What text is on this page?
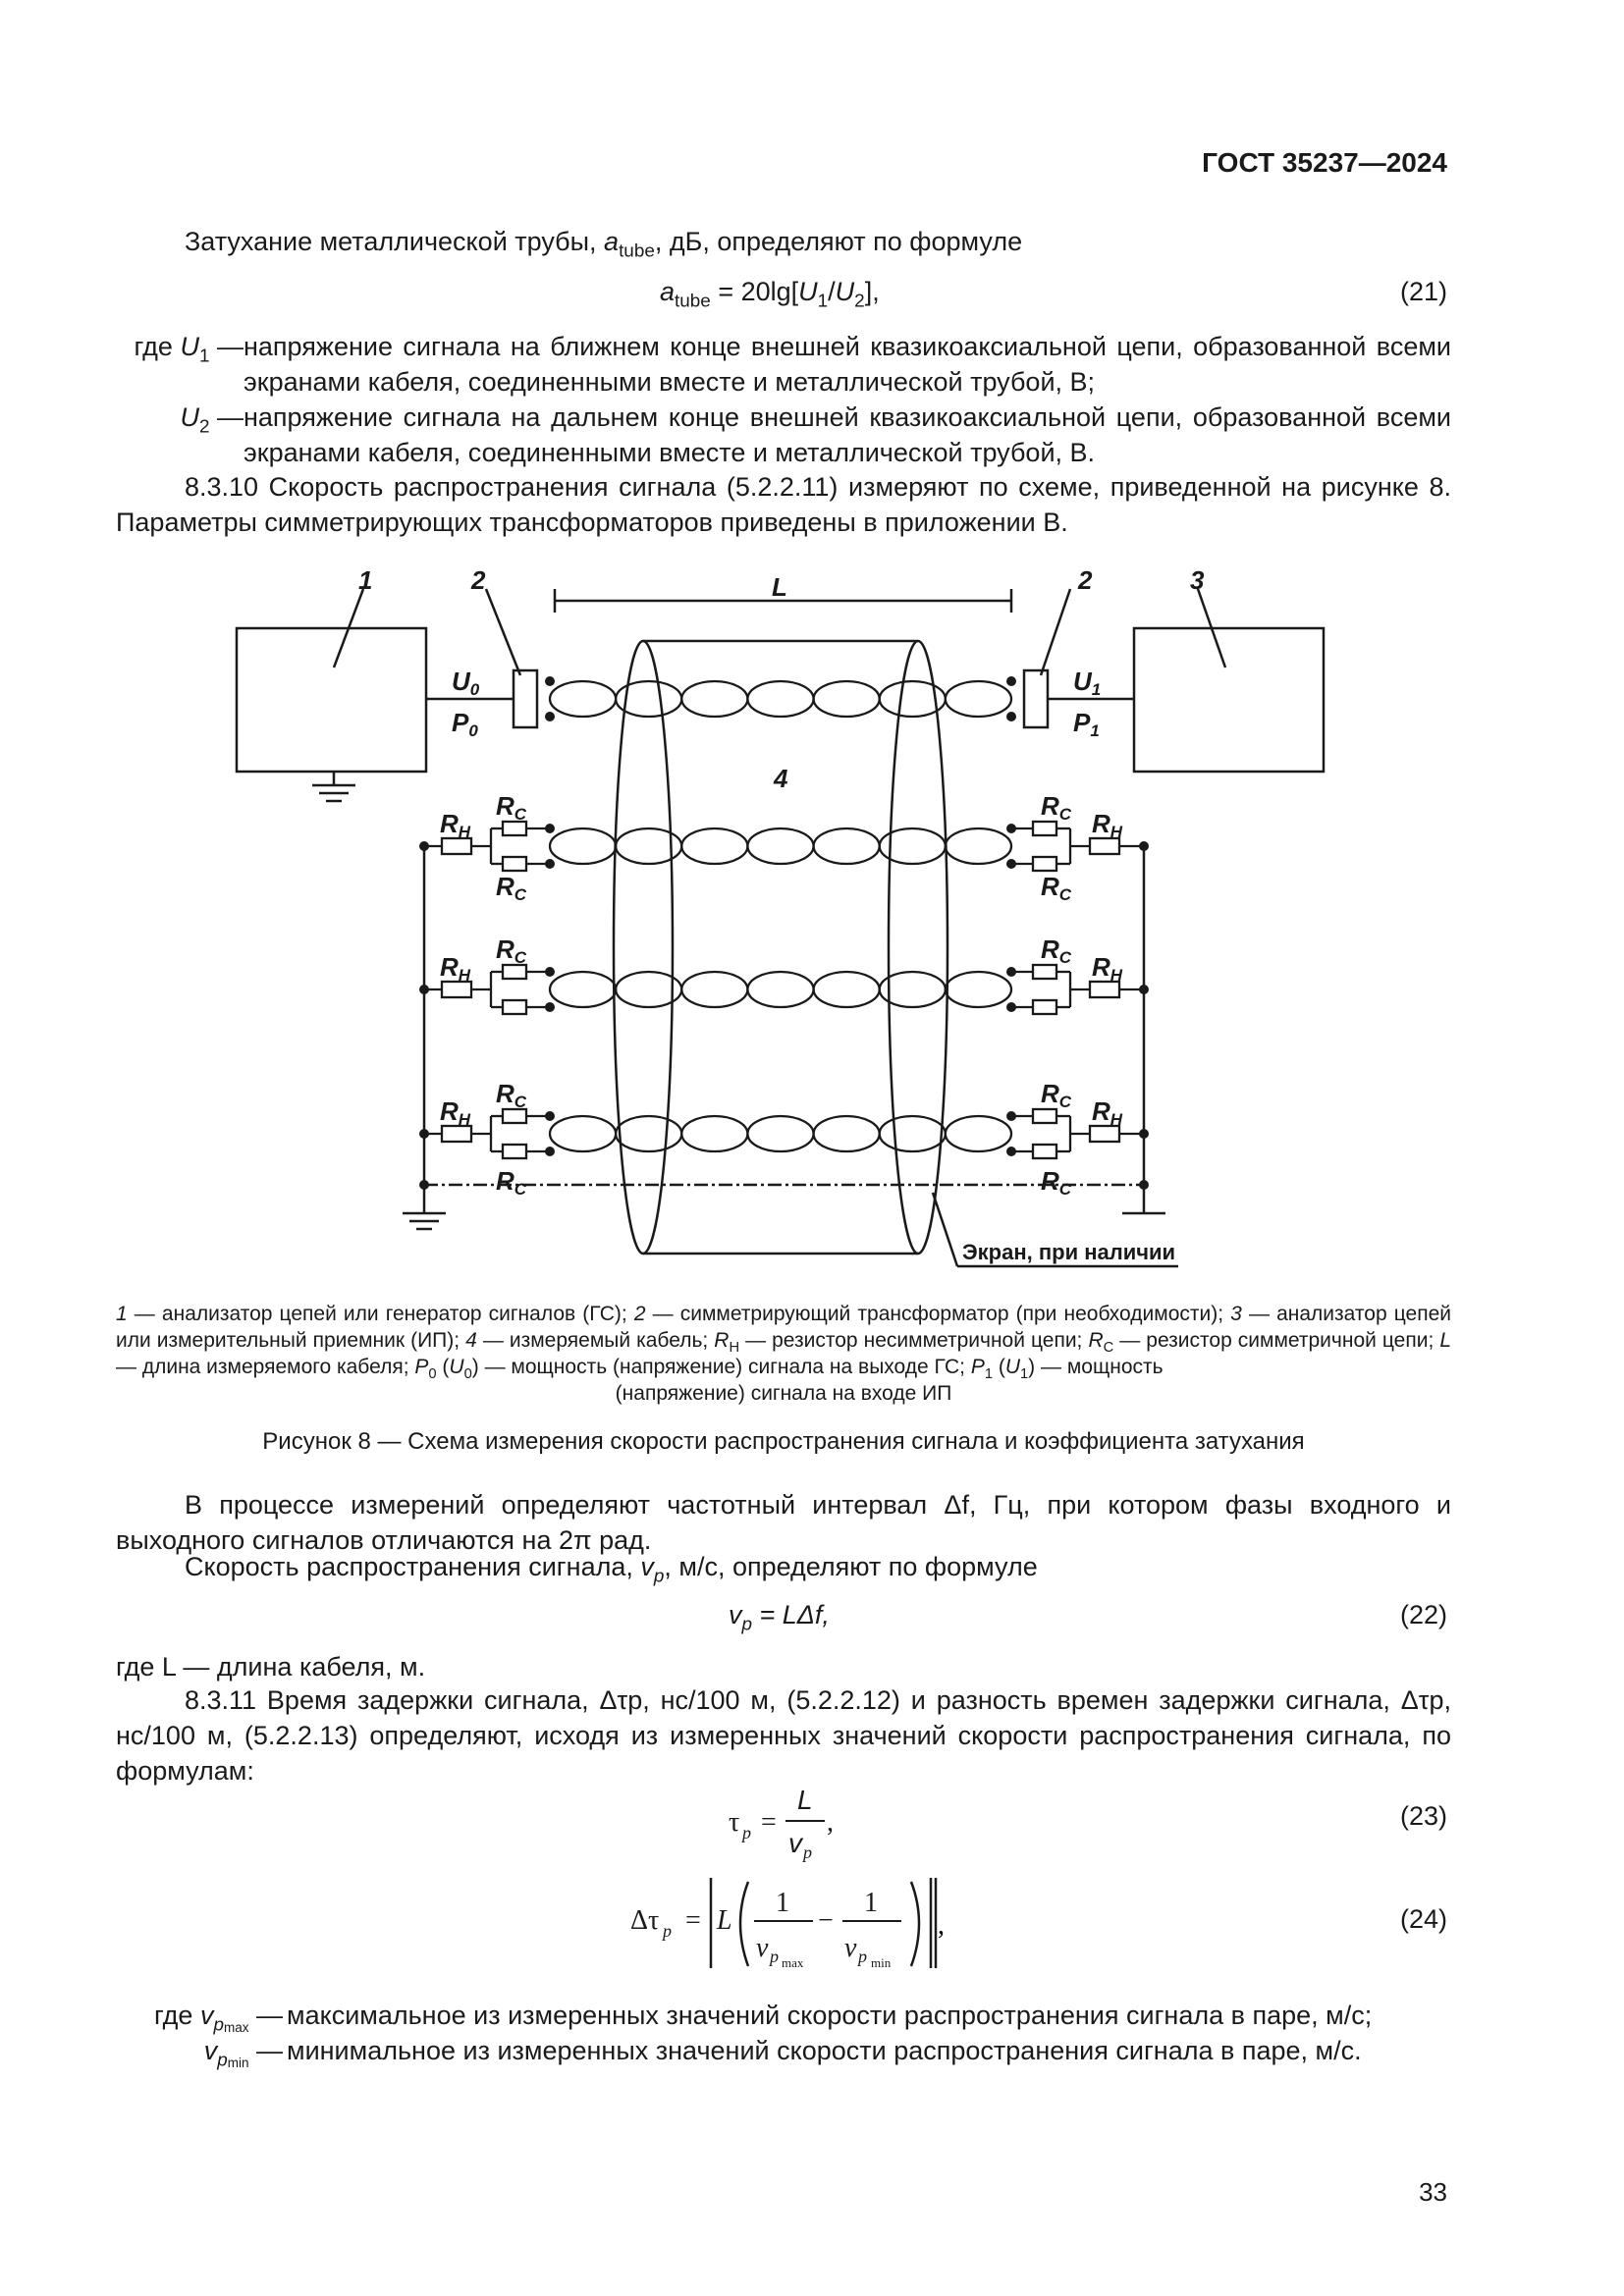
ГОСТ 35237—2024
Затухание металлической трубы, $a_{tube}$, дБ, определяют по формуле
$a_{tube} = 20\lg[U_1/U_2]$,	(21)
где $U_1$ —	напряжение сигнала на ближнем конце внешней квазикоаксиальной цепи, образованной всеми экранами кабеля, соединенными вместе и металлической трубой, В;
$U_2$ —	напряжение сигнала на дальнем конце внешней квазикоаксиальной цепи, образованной всеми экранами кабеля, соединенными вместе и металлической трубой, В.
8.3.10 Скорость распространения сигнала (5.2.2.11) измеряют по схеме, приведенной на рисунке 8. Параметры симметрирующих трансформаторов приведены в приложении В.
1	2	2	3
L
4
U0
P0
U1
P1
Экран, при наличии
RН
RС	RС RН
RС	RС
RН
RС	RС RН
RН
RС	RС RН
RС	RС
1 — анализатор цепей или генератор сигналов (ГС); 2 — симметрирующий трансформатор (при необходимости); 3 — анализатор цепей или измерительный приемник (ИП); 4 — измеряемый кабель; $R_Н$ — резистор несимметричной цепи; $R_С$ — резистор симметричной цепи; L — длина измеряемого кабеля; $P_0$ $(U_0)$ — мощность (напряжение) сигнала на выходе ГС; $P_1$ $(U_1)$ — мощность
(напряжение) сигнала на входе ИП
Рисунок 8 — Схема измерения скорости распространения сигнала и коэффициента затухания
В процессе измерений определяют частотный интервал Δf, Гц, при котором фазы входного и выходного сигналов отличаются на 2π рад.
Скорость распространения сигнала, $v_p$, м/с, определяют по формуле
$v_p = L\Delta f$,	(22)
где L — длина кабеля, м.
8.3.11 Время задержки сигнала, Δτp, нс/100 м, (5.2.2.12) и разность времен задержки сигнала, Δτp, нс/100 м, (5.2.2.13) определяют, исходя из измеренных значений скорости распространения сигнала, по формулам:
τ p =
L
v p
,	(23)
Δτ p = L
1
v p max
−
1
v p min
,	(24)
где $v_{pmax}$ —	максимальное из измеренных значений скорости распространения сигнала в паре, м/с;
$v_{pmin}$ —	минимальное из измеренных значений скорости распространения сигнала в паре, м/с.
33
